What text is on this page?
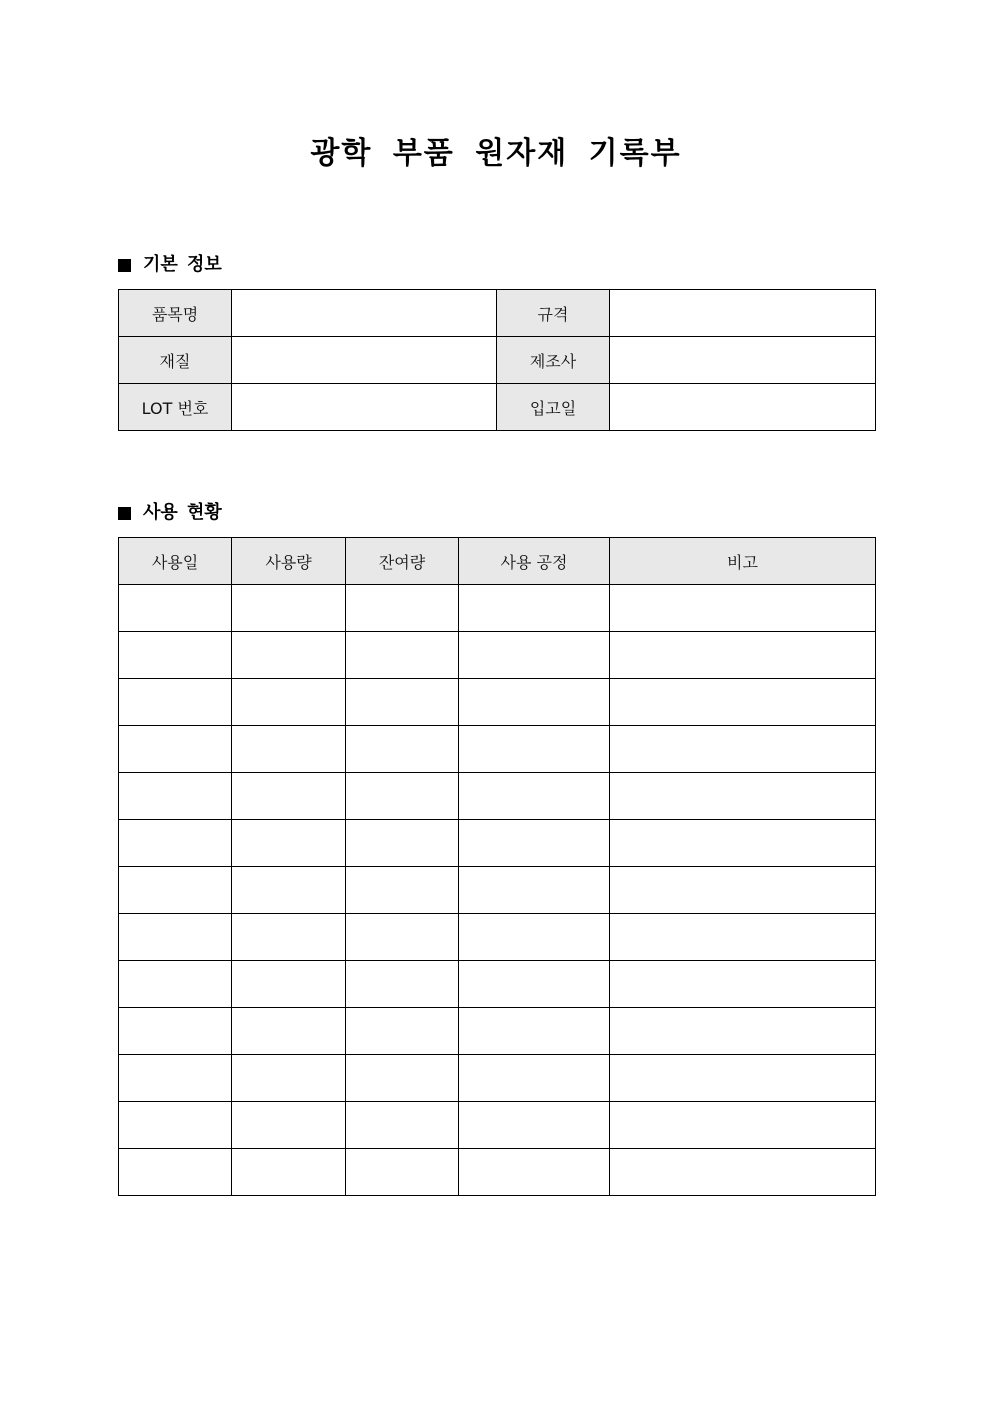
광학 부품 원자재 기록부
기본 정보
품목명		규격	
재질		제조사	
LOT 번호		입고일	
사용 현황
사용일	사용량	잔여량	사용 공정	비고
